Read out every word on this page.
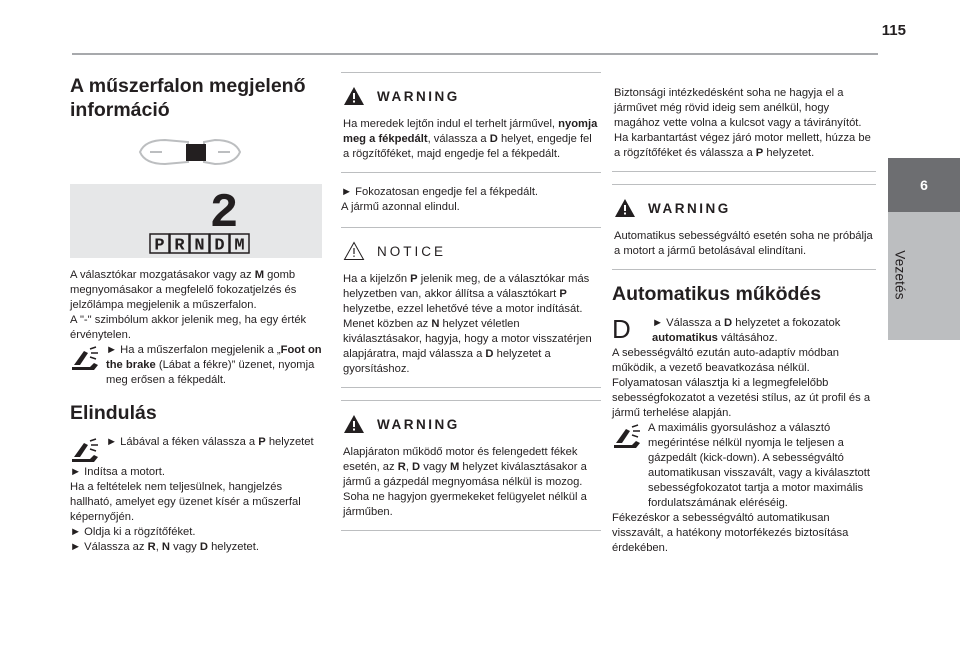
115
6
Vezetés
A műszerfalon megjelenő információ
2
P R N D M

A választókar mozgatásakor vagy az M gomb megnyomásakor a megfelelő fokozatjelzés és jelzőlámpa megjelenik a műszerfalon.

A "-" szimbólum akkor jelenik meg, ha egy érték érvénytelen.

► Ha a műszerfalon megjelenik a „Foot on the brake (Lábat a fékre)” üzenet, nyomja meg erősen a fékpedált.

Elindulás

► Lábával a féken válassza a P helyzetet

► Indítsa a motort.

Ha a feltételek nem teljesülnek, hangjelzés hallható, amelyet egy üzenet kísér a műszerfal képernyőjén.

► Oldja ki a rögzítőféket.

► Válassza az R, N vagy D helyzetet.

WARNING

Ha meredek lejtőn indul el terhelt járművel, nyomja meg a fékpedált, válassza a D helyet, engedje fel a rögzítőféket, majd engedje fel a fékpedált.

► Fokozatosan engedje fel a fékpedált.

A jármű azonnal elindul.

NOTICE

Ha a kijelzőn P jelenik meg, de a választókar más helyzetben van, akkor állítsa a választókart P helyzetbe, ezzel lehetővé téve a motor indítását.

Menet közben az N helyzet véletlen kiválasztásakor, hagyja, hogy a motor visszatérjen alapjáratra, majd válassza a D helyzetet a gyorsításhoz.

WARNING

Alapjáraton működő motor és felengedett fékek esetén, az R, D vagy M helyzet kiválasztásakor a jármű a gázpedál megnyomása nélkül is mozog.

Soha ne hagyjon gyermekeket felügyelet nélkül a járműben.

Biztonsági intézkedésként soha ne hagyja el a járművet még rövid ideig sem anélkül, hogy magához vette volna a kulcsot vagy a távirányítót.

Ha karbantartást végez járó motor mellett, húzza be a rögzítőféket és válassza a P helyzetet.

WARNING

Automatikus sebességváltó esetén soha ne próbálja a motort a jármű betolásával elindítani.

Automatikus működés
D	► Válassza a D helyzetet a fokozatok automatikus váltásához.

A sebességváltó ezután auto-adaptív módban működik, a vezető beavatkozása nélkül.

Folyamatosan választja ki a legmegfelelőbb sebességfokozatot a vezetési stílus, az út profil és a jármű terhelése alapján.

A maximális gyorsuláshoz a választó megérintése nélkül nyomja le teljesen a gázpedált (kick-down). A sebességváltó automatikusan visszavált, vagy a kiválasztott sebességfokozatot tartja a motor maximális fordulatszámának eléréséig.

Fékezéskor a sebességváltó automatikusan visszavált, a hatékony motorfékezés biztosítása érdekében.
